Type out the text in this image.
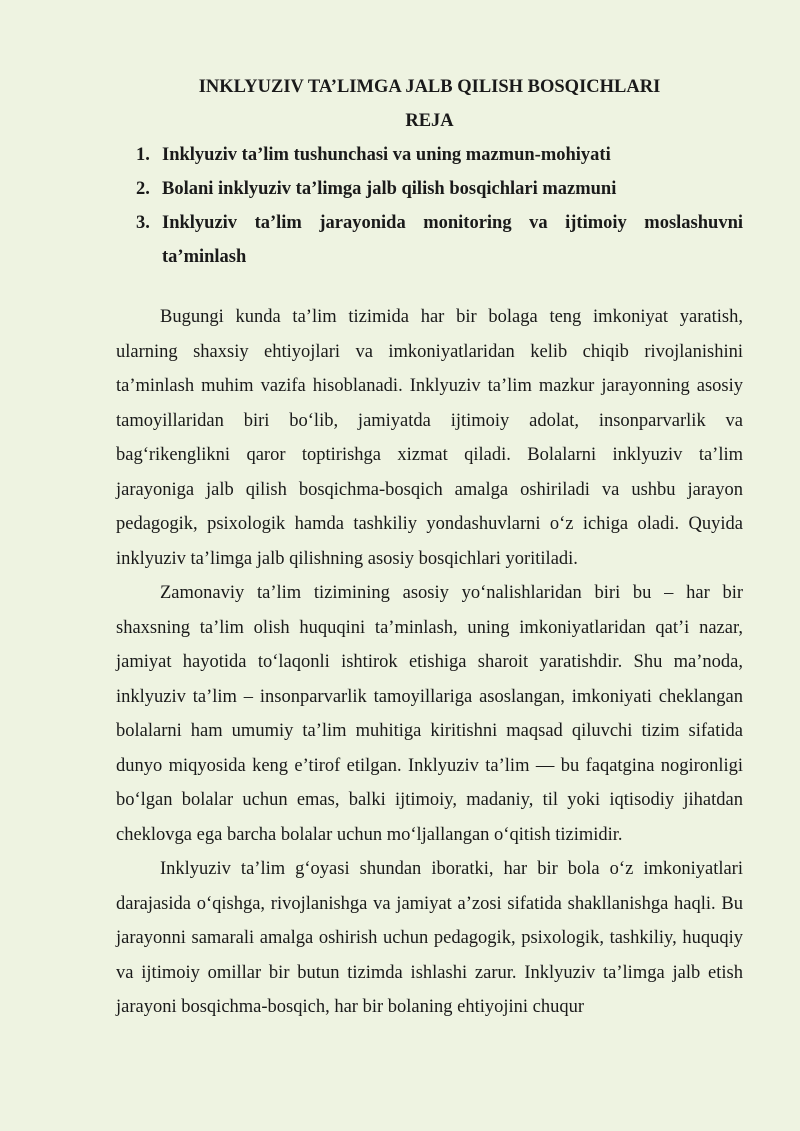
INKLYUZIV TA’LIMGA JALB QILISH BOSQICHLARI
REJA
1. Inklyuziv ta’lim tushunchasi va uning mazmun-mohiyati
2. Bolani inklyuziv ta’limga jalb qilish bosqichlari mazmuni
3. Inklyuziv ta’lim jarayonida monitoring va ijtimoiy moslashuvni ta’minlash

Bugungi kunda ta’lim tizimida har bir bolaga teng imkoniyat yaratish, ularning shaxsiy ehtiyojlari va imkoniyatlaridan kelib chiqib rivojlanishini ta’minlash muhim vazifa hisoblanadi. Inklyuziv ta’lim mazkur jarayonning asosiy tamoyillaridan biri bo‘lib, jamiyatda ijtimoiy adolat, insonparvarlik va bag‘rikenglikni qaror toptirishga xizmat qiladi. Bolalarni inklyuziv ta’lim jarayoniga jalb qilish bosqichma-bosqich amalga oshiriladi va ushbu jarayon pedagogik, psixologik hamda tashkiliy yondashuvlarni o‘z ichiga oladi. Quyida inklyuziv ta’limga jalb qilishning asosiy bosqichlari yoritiladi.

Zamonaviy ta’lim tizimining asosiy yo‘nalishlaridan biri bu – har bir shaxsning ta’lim olish huquqini ta’minlash, uning imkoniyatlaridan qat’i nazar, jamiyat hayotida to‘laqonli ishtirok etishiga sharoit yaratishdir. Shu ma’noda, inklyuziv ta’lim – insonparvarlik tamoyillariga asoslangan, imkoniyati cheklangan bolalarni ham umumiy ta’lim muhitiga kiritishni maqsad qiluvchi tizim sifatida dunyo miqyosida keng e’tirof etilgan. Inklyuziv ta’lim — bu faqatgina nogironligi bo‘lgan bolalar uchun emas, balki ijtimoiy, madaniy, til yoki iqtisodiy jihatdan cheklovga ega barcha bolalar uchun mo‘ljallangan o‘qitish tizimidir.

Inklyuziv ta’lim g‘oyasi shundan iboratki, har bir bola o‘z imkoniyatlari darajasida o‘qishga, rivojlanishga va jamiyat a’zosi sifatida shakllanishga haqli. Bu jarayonni samarali amalga oshirish uchun pedagogik, psixologik, tashkiliy, huquqiy va ijtimoiy omillar bir butun tizimda ishlashi zarur. Inklyuziv ta’limga jalb etish jarayoni bosqichma-bosqich, har bir bolaning ehtiyojini chuqur
